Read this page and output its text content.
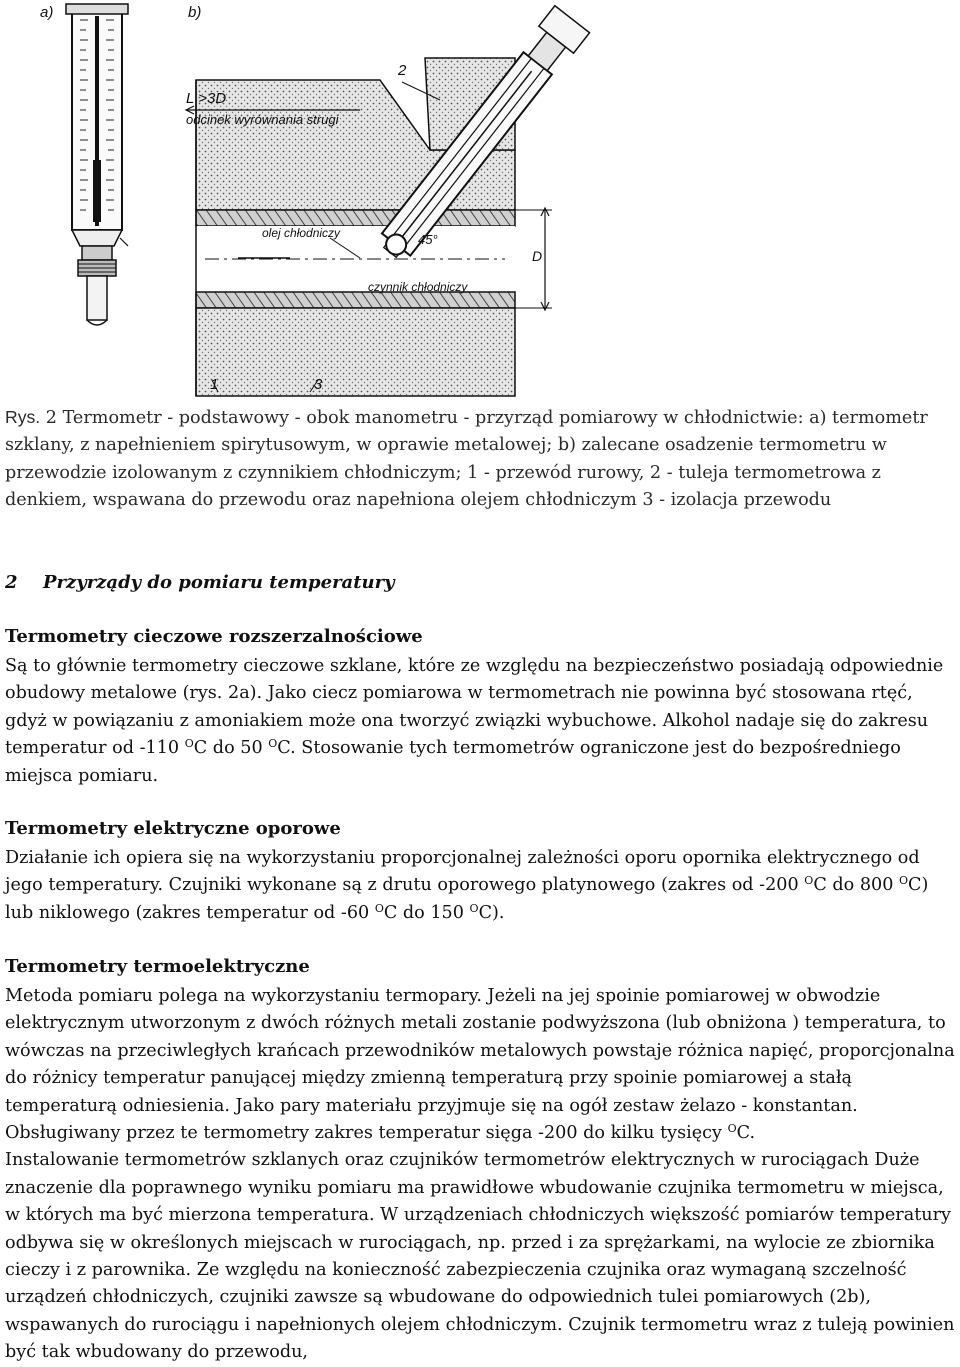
a)	b)
2
1	3
L >3D
odcinek wyrównania strugi
olej chłodniczy	45°
D
czynnik chłodniczy
Rys. 2 Termometr - podstawowy - obok manometru - przyrząd pomiarowy w chłodnictwie: a) termometr szklany, z napełnieniem spirytusowym, w oprawie metalowej; b) zalecane osadzenie termometru w przewodzie izolowanym z czynnikiem chłodniczym; 1 - przewód rurowy, 2 - tuleja termometrowa z denkiem, wspawana do przewodu oraz napełniona olejem chłodniczym 3 - izolacja przewodu
2 Przyrządy do pomiaru temperatury
Termometry cieczowe rozszerzalnościowe
Są to głównie termometry cieczowe szklane, które ze względu na bezpieczeństwo posiadają odpowiednie obudowy metalowe (rys. 2a). Jako ciecz pomiarowa w termometrach nie powinna być stosowana rtęć, gdyż w powiązaniu z amoniakiem może ona tworzyć związki wybuchowe. Alkohol nadaje się do zakresu temperatur od -110 $^O$C do 50 $^O$C. Stosowanie tych termometrów ograniczone jest do bezpośredniego miejsca pomiaru.
Termometry elektryczne oporowe
Działanie ich opiera się na wykorzystaniu proporcjonalnej zależności oporu opornika elektrycznego od jego temperatury. Czujniki wykonane są z drutu oporowego platynowego (zakres od -200 $^O$C do 800 $^O$C) lub niklowego (zakres temperatur od -60 $^O$C do 150 $^O$C).
Termometry termoelektryczne
Metoda pomiaru polega na wykorzystaniu termopary. Jeżeli na jej spoinie pomiarowej w obwodzie elektrycznym utworzonym z dwóch różnych metali zostanie podwyższona (lub obniżona ) temperatura, to wówczas na przeciwległych krańcach przewodników metalowych powstaje różnica napięć, proporcjonalna do różnicy temperatur panującej między zmienną temperaturą przy spoinie pomiarowej a stałą temperaturą odniesienia. Jako pary materiału przyjmuje się na ogół zestaw żelazo - konstantan. Obsługiwany przez te termometry zakres temperatur sięga -200 do kilku tysięcy $^O$C.
Instalowanie termometrów szklanych oraz czujników termometrów elektrycznych w rurociągach Duże znaczenie dla poprawnego wyniku pomiaru ma prawidłowe wbudowanie czujnika termometru w miejsca, w których ma być mierzona temperatura. W urządzeniach chłodniczych większość pomiarów temperatury odbywa się w określonych miejscach w rurociągach, np. przed i za sprężarkami, na wylocie ze zbiornika cieczy i z parownika. Ze względu na konieczność zabezpieczenia czujnika oraz wymaganą szczelność urządzeń chłodniczych, czujniki zawsze są wbudowane do odpowiednich tulei pomiarowych (2b), wspawanych do rurociągu i napełnionych olejem chłodniczym. Czujnik termometru wraz z tuleją powinien być tak wbudowany do przewodu,
